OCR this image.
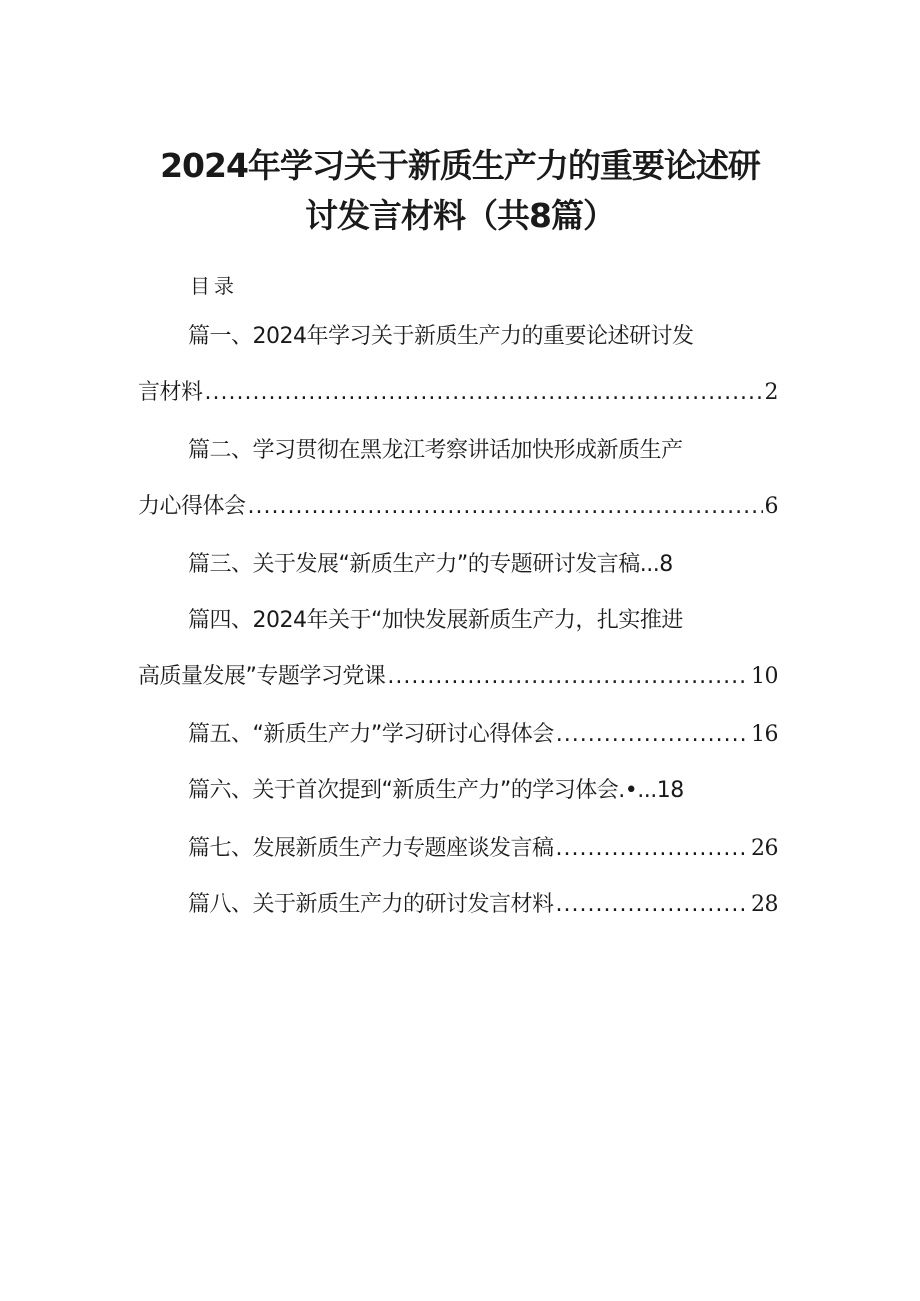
2024年学习关于新质生产力的重要论述研
讨发言材料（共8篇）
目录
篇一、2024年学习关于新质生产力的重要论述研讨发
言材料 .....	2
篇二、学习贯彻在黑龙江考察讲话加快形成新质生产
力心得体会 .....	6
篇三、关于发展“新质生产力”的专题研讨发言稿...8
篇四、2024年关于“加快发展新质生产力，扎实推进
高质量发展”专题学习党课 .....	10
篇五、“新质生产力”学习研讨心得体会 .....	16
篇六、关于首次提到“新质生产力”的学习体会.•...18
篇七、发展新质生产力专题座谈发言稿 .....	26
篇八、关于新质生产力的研讨发言材料 .....	28
